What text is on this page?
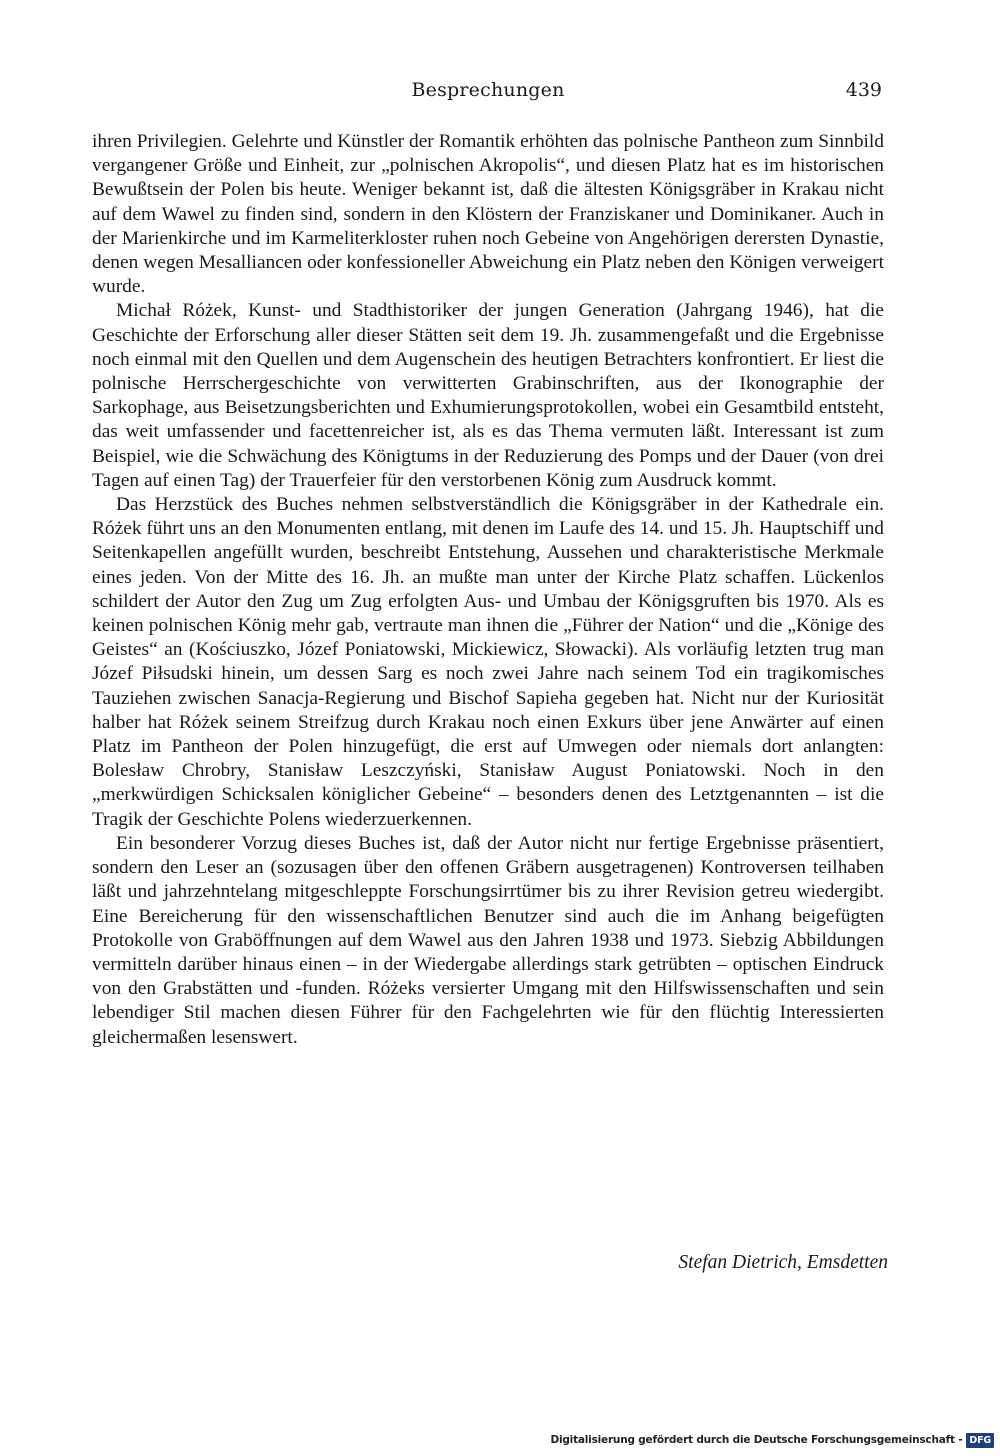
Besprechungen	439

ihren Privilegien. Gelehrte und Künstler der Romantik erhöhten das polnische Pantheon zum Sinnbild vergangener Größe und Einheit, zur „polnischen Akropolis“, und diesen Platz hat es im historischen Bewußtsein der Polen bis heute. Weniger bekannt ist, daß die ältesten Königsgräber in Krakau nicht auf dem Wawel zu finden sind, sondern in den Klöstern der Franziskaner und Dominikaner. Auch in der Marienkirche und im Karmeliterkloster ruhen noch Gebeine von Angehörigen derersten Dynastie, denen wegen Mesalliancen oder konfessioneller Abweichung ein Platz neben den Königen verweigert wurde.

Michał Różek, Kunst- und Stadthistoriker der jungen Generation (Jahrgang 1946), hat die Geschichte der Erforschung aller dieser Stätten seit dem 19. Jh. zusammengefaßt und die Ergebnisse noch einmal mit den Quellen und dem Augenschein des heutigen Betrachters konfrontiert. Er liest die polnische Herrschergeschichte von verwitterten Grabinschriften, aus der Ikonographie der Sarkophage, aus Beisetzungsberichten und Exhumierungsprotokollen, wobei ein Gesamtbild entsteht, das weit umfassender und facettenreicher ist, als es das Thema vermuten läßt. Interessant ist zum Beispiel, wie die Schwächung des Königtums in der Reduzierung des Pomps und der Dauer (von drei Tagen auf einen Tag) der Trauerfeier für den verstorbenen König zum Ausdruck kommt.

Das Herzstück des Buches nehmen selbstverständlich die Königsgräber in der Kathedrale ein. Różek führt uns an den Monumenten entlang, mit denen im Laufe des 14. und 15. Jh. Hauptschiff und Seitenkapellen angefüllt wurden, beschreibt Entstehung, Aussehen und charakteristische Merkmale eines jeden. Von der Mitte des 16. Jh. an mußte man unter der Kirche Platz schaffen. Lückenlos schildert der Autor den Zug um Zug erfolgten Aus- und Umbau der Königsgruften bis 1970. Als es keinen polnischen König mehr gab, vertraute man ihnen die „Führer der Nation“ und die „Könige des Geistes“ an (Kościuszko, Józef Poniatowski, Mickiewicz, Słowacki). Als vorläufig letzten trug man Józef Piłsudski hinein, um dessen Sarg es noch zwei Jahre nach seinem Tod ein tragikomisches Tauziehen zwischen Sanacja-Regierung und Bischof Sapieha gegeben hat. Nicht nur der Kuriosität halber hat Różek seinem Streifzug durch Krakau noch einen Exkurs über jene Anwärter auf einen Platz im Pantheon der Polen hinzugefügt, die erst auf Umwegen oder niemals dort anlangten: Bolesław Chrobry, Stanisław Leszczyński, Stanisław August Poniatowski. Noch in den „merkwürdigen Schicksalen königlicher Gebeine“ – besonders denen des Letztgenannten – ist die Tragik der Geschichte Polens wiederzuerkennen.

Ein besonderer Vorzug dieses Buches ist, daß der Autor nicht nur fertige Ergebnisse präsentiert, sondern den Leser an (sozusagen über den offenen Gräbern ausgetragenen) Kontroversen teilhaben läßt und jahrzehntelang mitgeschleppte Forschungsirrtümer bis zu ihrer Revision getreu wiedergibt. Eine Bereicherung für den wissenschaftlichen Benutzer sind auch die im Anhang beigefügten Protokolle von Graböffnungen auf dem Wawel aus den Jahren 1938 und 1973. Siebzig Abbildungen vermitteln darüber hinaus einen – in der Wiedergabe allerdings stark getrübten – optischen Eindruck von den Grabstätten und -funden. Różeks versierter Umgang mit den Hilfswissenschaften und sein lebendiger Stil machen diesen Führer für den Fachgelehrten wie für den flüchtig Interessierten gleichermaßen lesenswert.

Stefan Dietrich, Emsdetten
Digitalisierung gefördert durch die Deutsche Forschungsgemeinschaft - DFG
